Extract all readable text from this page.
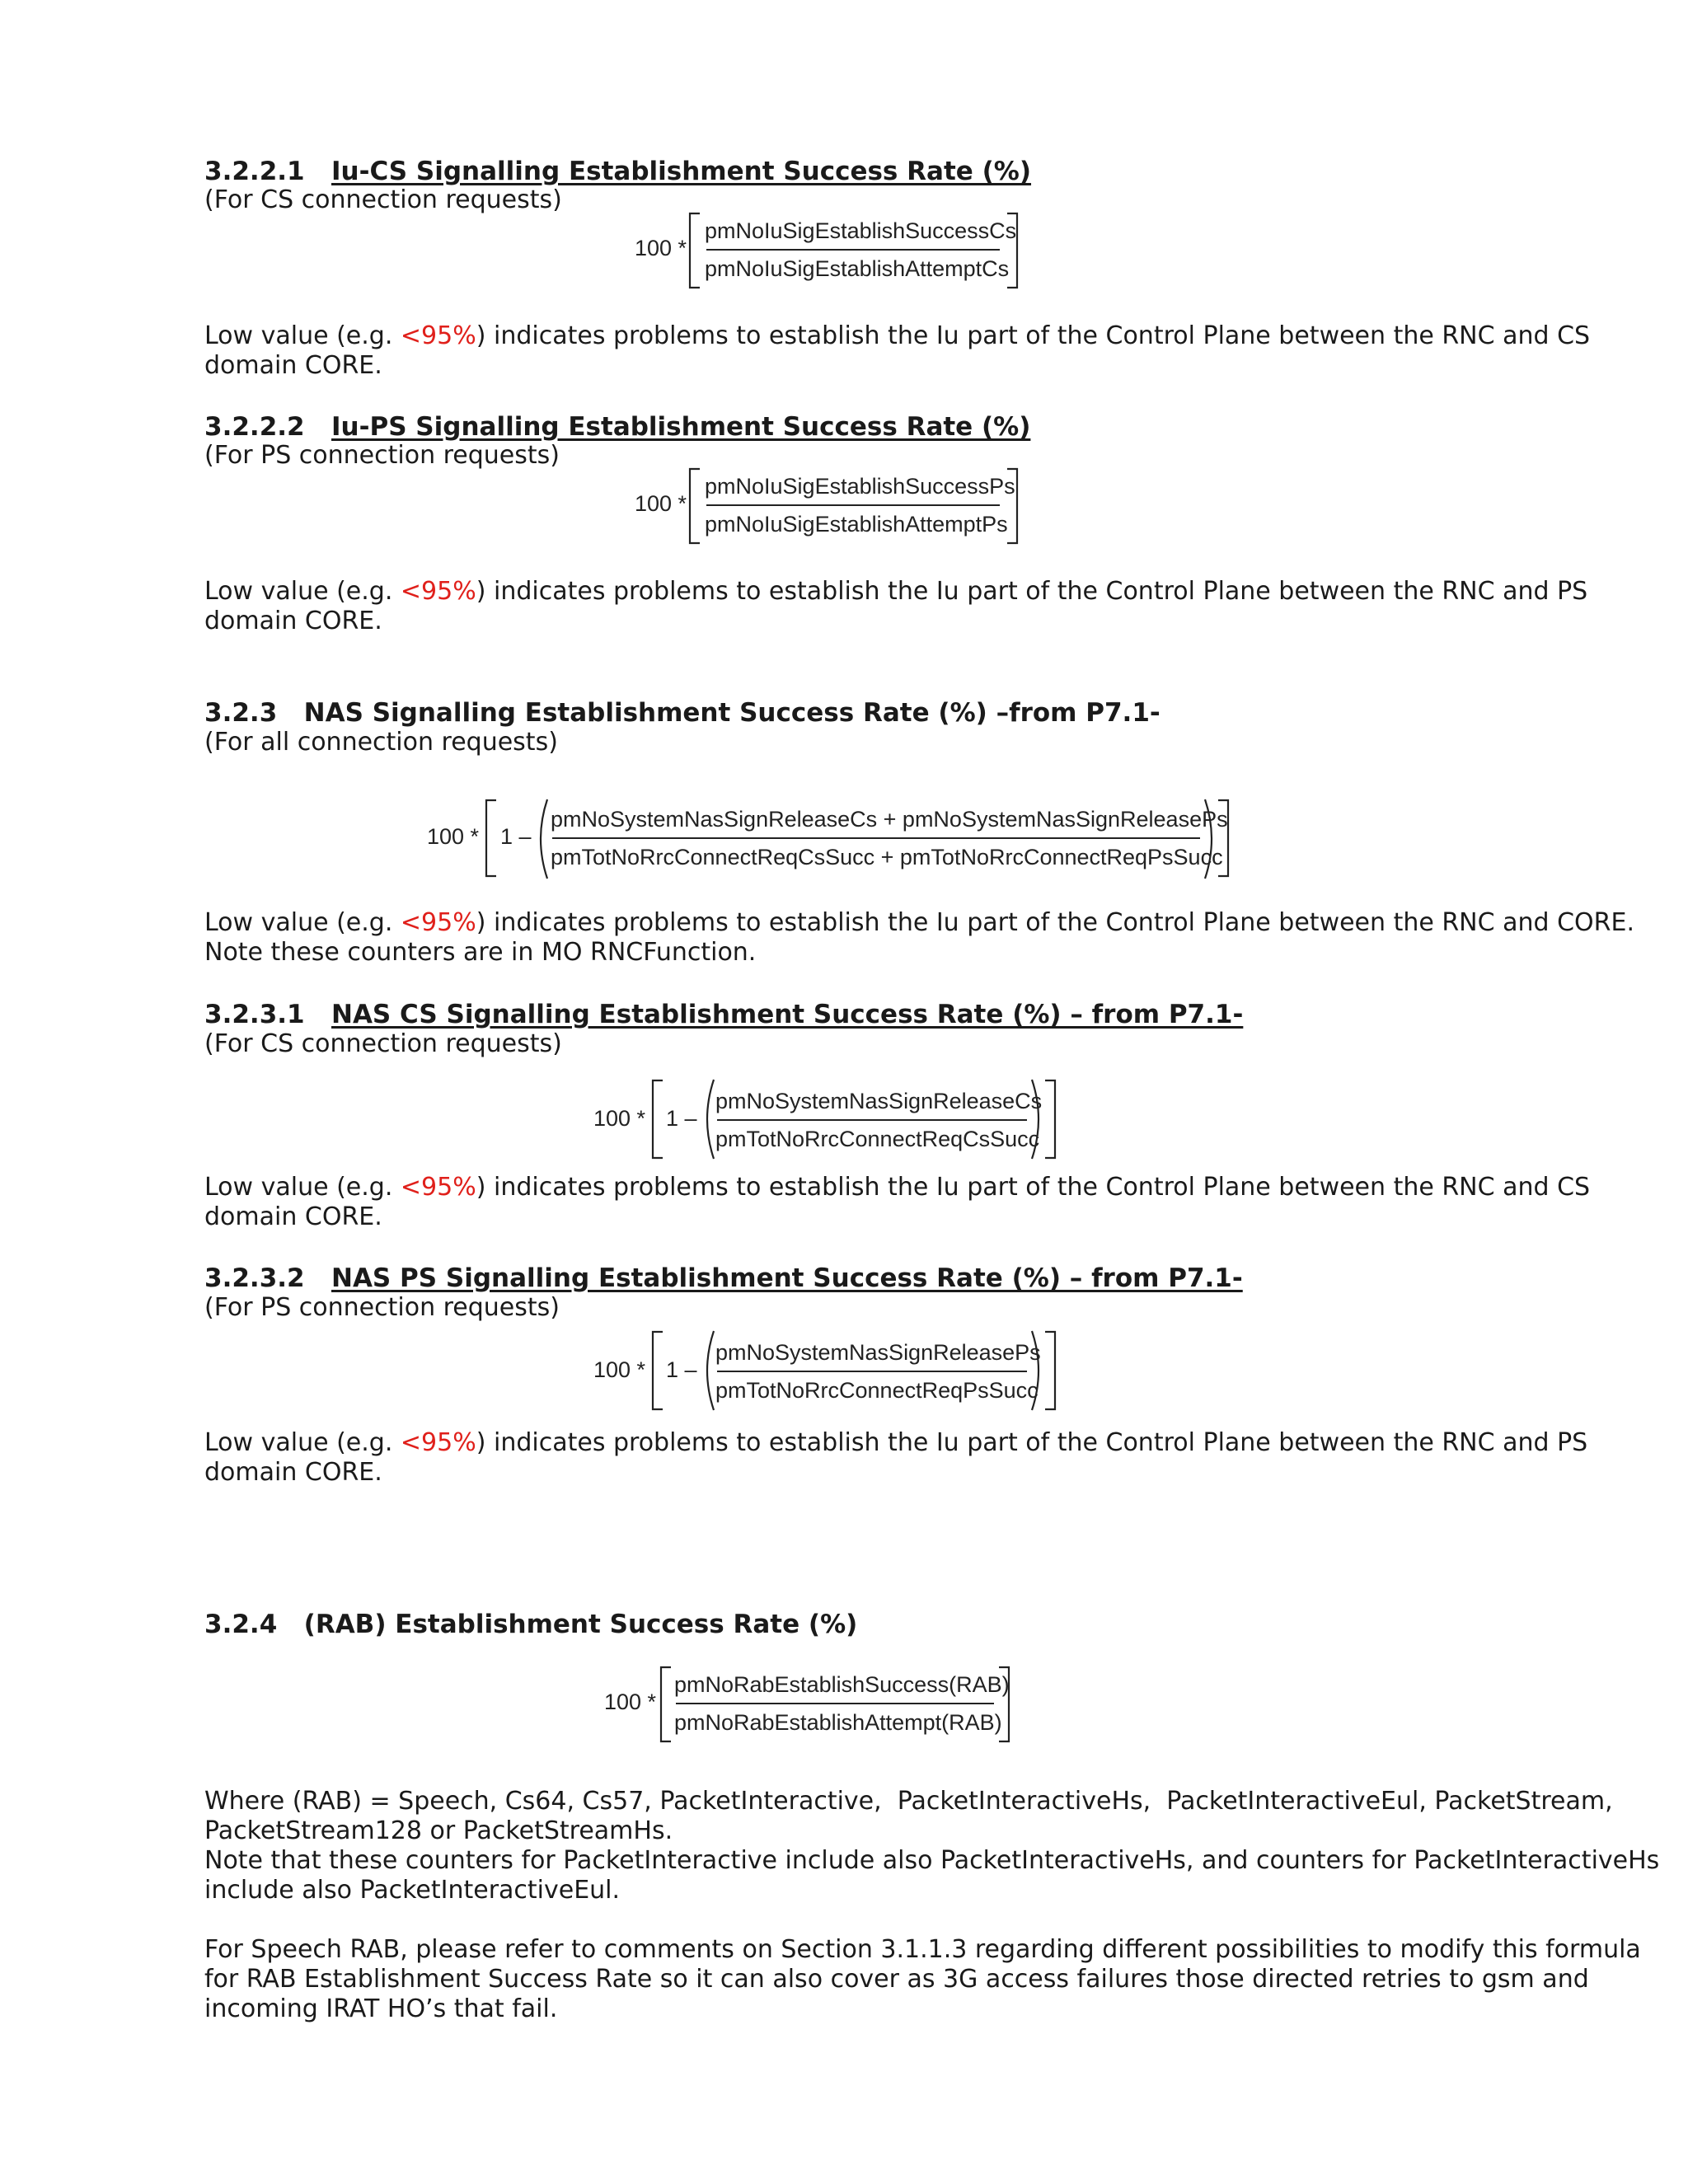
3.2.2.1 Iu-CS Signalling Establishment Success Rate (%)
(For CS connection requests)
100 *
pmNoIuSigEstablishSuccessCs
pmNoIuSigEstablishAttemptCs
Low value (e.g. <95%) indicates problems to establish the Iu part of the Control Plane between the RNC and CS
domain CORE.
3.2.2.2 Iu-PS Signalling Establishment Success Rate (%)
(For PS connection requests)
100 *
pmNoIuSigEstablishSuccessPs
pmNoIuSigEstablishAttemptPs
Low value (e.g. <95%) indicates problems to establish the Iu part of the Control Plane between the RNC and PS
domain CORE.
3.2.3 NAS Signalling Establishment Success Rate (%) –from P7.1-
(For all connection requests)
100 * 1 –
pmNoSystemNasSignReleaseCs + pmNoSystemNasSignReleasePs
pmTotNoRrcConnectReqCsSucc + pmTotNoRrcConnectReqPsSucc
Low value (e.g. <95%) indicates problems to establish the Iu part of the Control Plane between the RNC and CORE.
Note these counters are in MO RNCFunction.
3.2.3.1 NAS CS Signalling Establishment Success Rate (%) – from P7.1-
(For CS connection requests)
100 * 1 –
pmNoSystemNasSignReleaseCs
pmTotNoRrcConnectReqCsSucc
Low value (e.g. <95%) indicates problems to establish the Iu part of the Control Plane between the RNC and CS
domain CORE.
3.2.3.2 NAS PS Signalling Establishment Success Rate (%) – from P7.1-
(For PS connection requests)
100 * 1 –
pmNoSystemNasSignReleasePs
pmTotNoRrcConnectReqPsSucc
Low value (e.g. <95%) indicates problems to establish the Iu part of the Control Plane between the RNC and PS
domain CORE.
3.2.4 (RAB) Establishment Success Rate (%)
100 *
pmNoRabEstablishSuccess(RAB)
pmNoRabEstablishAttempt(RAB)
Where (RAB) = Speech, Cs64, Cs57, PacketInteractive,  PacketInteractiveHs,  PacketInteractiveEul, PacketStream,
PacketStream128 or PacketStreamHs.
Note that these counters for PacketInteractive include also PacketInteractiveHs, and counters for PacketInteractiveHs
include also PacketInteractiveEul.
For Speech RAB, please refer to comments on Section 3.1.1.3 regarding different possibilities to modify this formula
for RAB Establishment Success Rate so it can also cover as 3G access failures those directed retries to gsm and
incoming IRAT HO’s that fail.
